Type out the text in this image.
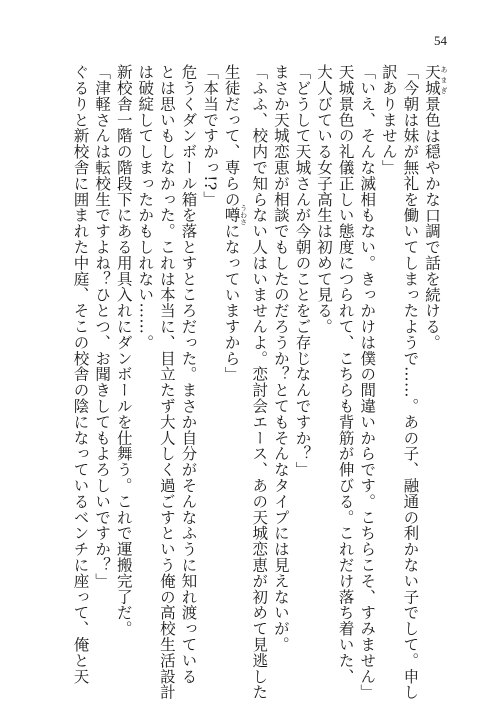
54
天城 あまぎ景色は穏やかな口調で話を続ける。
「今朝は妹が無礼を働いてしまったようで……。あの子、融通の利かない子でして。申し
訳ありません」
「いえ、そんな滅相もない。きっかけは僕の間違いからです。こちらこそ、すみません」
天城景色の礼儀正しい態度につられて、こちらも背筋が伸びる。これだけ落ち着いた、
大人びている女子高生は初めて見る。
「どうして天城さんが今朝のことをご存じなんですか？」
まさか天城恋恵が相談でもしたのだろうか？とてもそんなタイプには見えないが。
「ふふ、校内で知らない人はいませんよ。恋討会エース、あの天城恋恵が初めて見逃した
生徒だって、専らの噂 うわさになっていますから」
「本当ですかっ!?」
危うくダンボール箱を落とすところだった。まさか自分がそんなふうに知れ渡っている
とは思いもしなかった。これは本当に、目立たず大人しく過ごすという俺の高校生活設計
は破綻してしまったかもしれない……。
新校舎一階の階段下にある用具入れにダンボールを仕舞う。これで運搬完了だ。
「津軽さんは転校生ですよね？ひとつ、お聞きしてもよろしいですか？」
ぐるりと新校舎に囲まれた中庭、そこの校舎の陰になっているベンチに座って、俺と天
